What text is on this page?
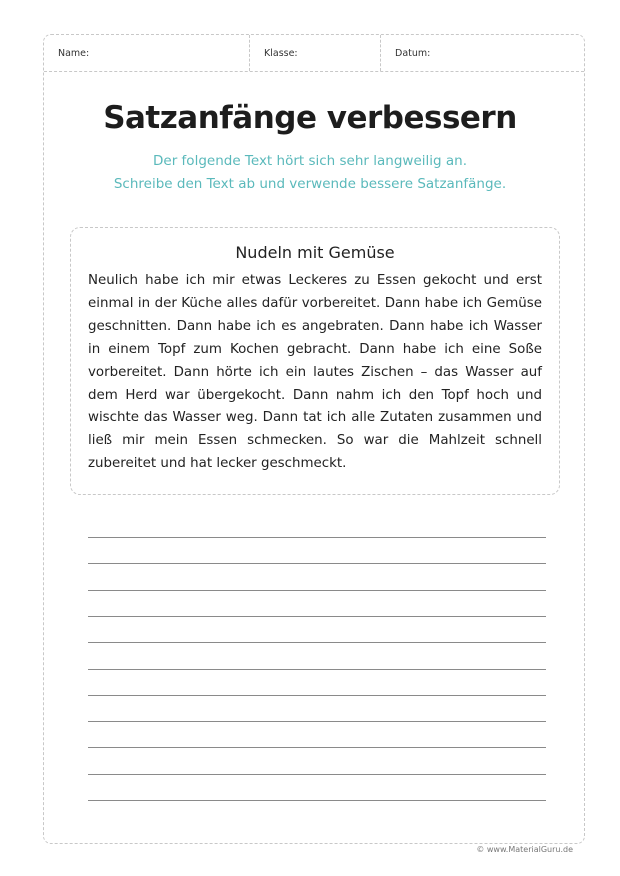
Name:	Klasse:	Datum:
Satzanfänge verbessern
Der folgende Text hört sich sehr langweilig an.
Schreibe den Text ab und verwende bessere Satzanfänge.
Nudeln mit Gemüse
Neulich habe ich mir etwas Leckeres zu Essen gekocht und erst einmal in der Küche alles dafür vorbereitet. Dann habe ich Gemüse geschnitten. Dann habe ich es angebraten. Dann habe ich Wasser in einem Topf zum Kochen gebracht. Dann habe ich eine Soße vorbereitet. Dann hörte ich ein lautes Zischen – das Wasser auf dem Herd war übergekocht. Dann nahm ich den Topf hoch und wischte das Wasser weg. Dann tat ich alle Zutaten zusammen und ließ mir mein Essen schmecken. So war die Mahlzeit schnell zubereitet und hat lecker geschmeckt.
© www.MaterialGuru.de
